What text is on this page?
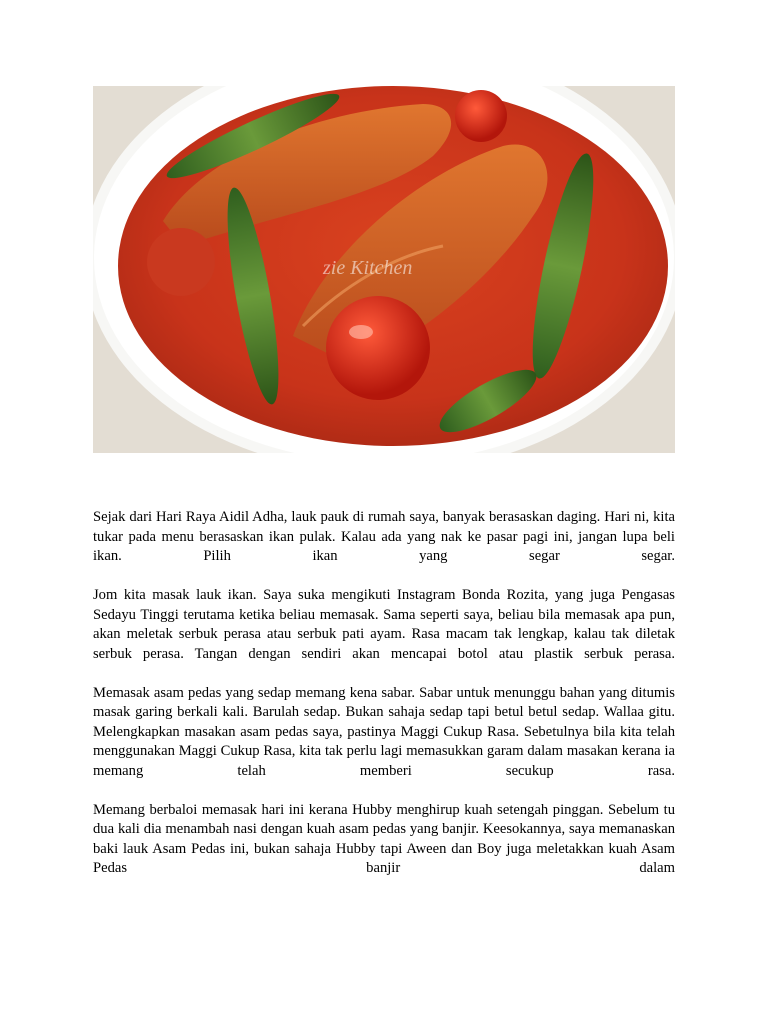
zie Kitchen

Sejak dari Hari Raya Aidil Adha, lauk pauk di rumah saya, banyak berasaskan daging. Hari ni, kita tukar pada menu berasaskan ikan pulak. Kalau ada yang nak ke pasar pagi ini, jangan lupa beli ikan. Pilih ikan yang segar segar.

Jom kita masak lauk ikan. Saya suka mengikuti Instagram Bonda Rozita, yang juga Pengasas Sedayu Tinggi terutama ketika beliau memasak. Sama seperti saya, beliau bila memasak apa pun, akan meletak serbuk perasa atau serbuk pati ayam. Rasa macam tak lengkap, kalau tak diletak serbuk perasa. Tangan dengan sendiri akan mencapai botol atau plastik serbuk perasa.

Memasak asam pedas yang sedap memang kena sabar. Sabar untuk menunggu bahan yang ditumis masak garing berkali kali. Barulah sedap. Bukan sahaja sedap tapi betul betul sedap. Wallaa gitu. Melengkapkan masakan asam pedas saya, pastinya Maggi Cukup Rasa. Sebetulnya bila kita telah menggunakan Maggi Cukup Rasa, kita tak perlu lagi memasukkan garam dalam masakan kerana ia memang telah memberi secukup rasa.

Memang berbaloi memasak hari ini kerana Hubby menghirup kuah setengah pinggan. Sebelum tu dua kali dia menambah nasi dengan kuah asam pedas yang banjir. Keesokannya, saya memanaskan baki lauk Asam Pedas ini, bukan sahaja Hubby tapi Aween dan Boy juga meletakkan kuah Asam Pedas banjir dalam
